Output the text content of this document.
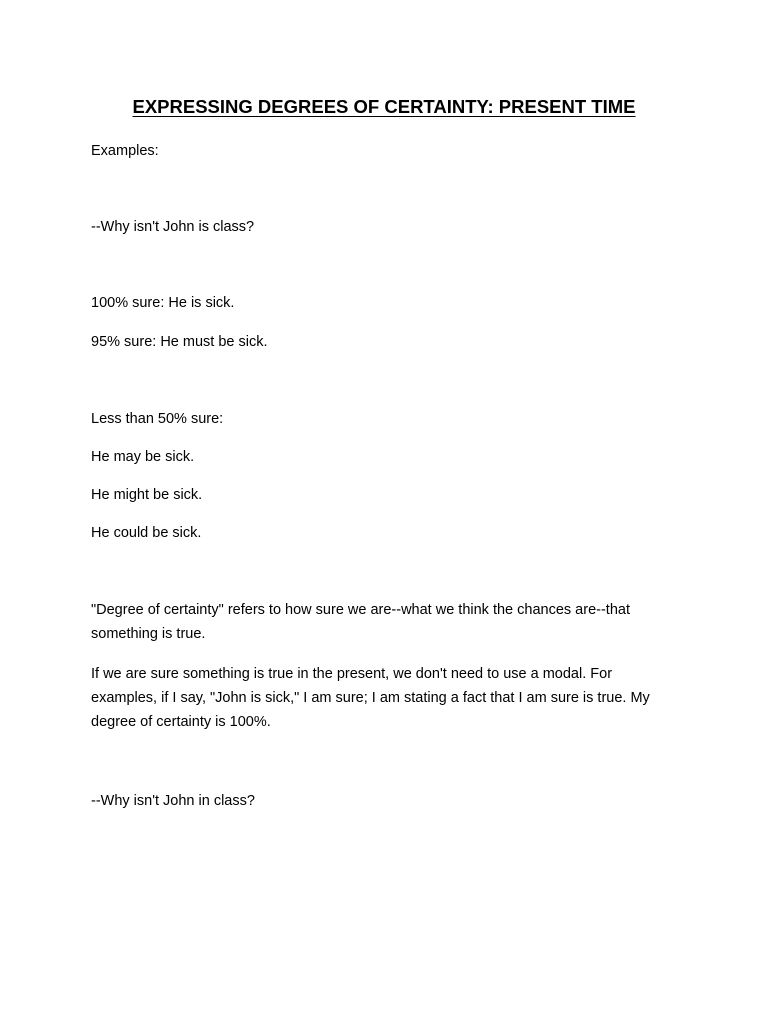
EXPRESSING DEGREES OF CERTAINTY: PRESENT TIME
Examples:
--Why isn't John is class?
100% sure: He is sick.
95% sure: He must be sick.
Less than 50% sure:
He may be sick.
He might be sick.
He could be sick.
"Degree of certainty" refers to how sure we are--what we think the chances are--that something is true.
If we are sure something is true in the present, we don't need to use a modal. For examples, if I say, "John is sick," I am sure; I am stating a fact that I am sure is true. My degree of certainty is 100%.
--Why isn't John in class?
